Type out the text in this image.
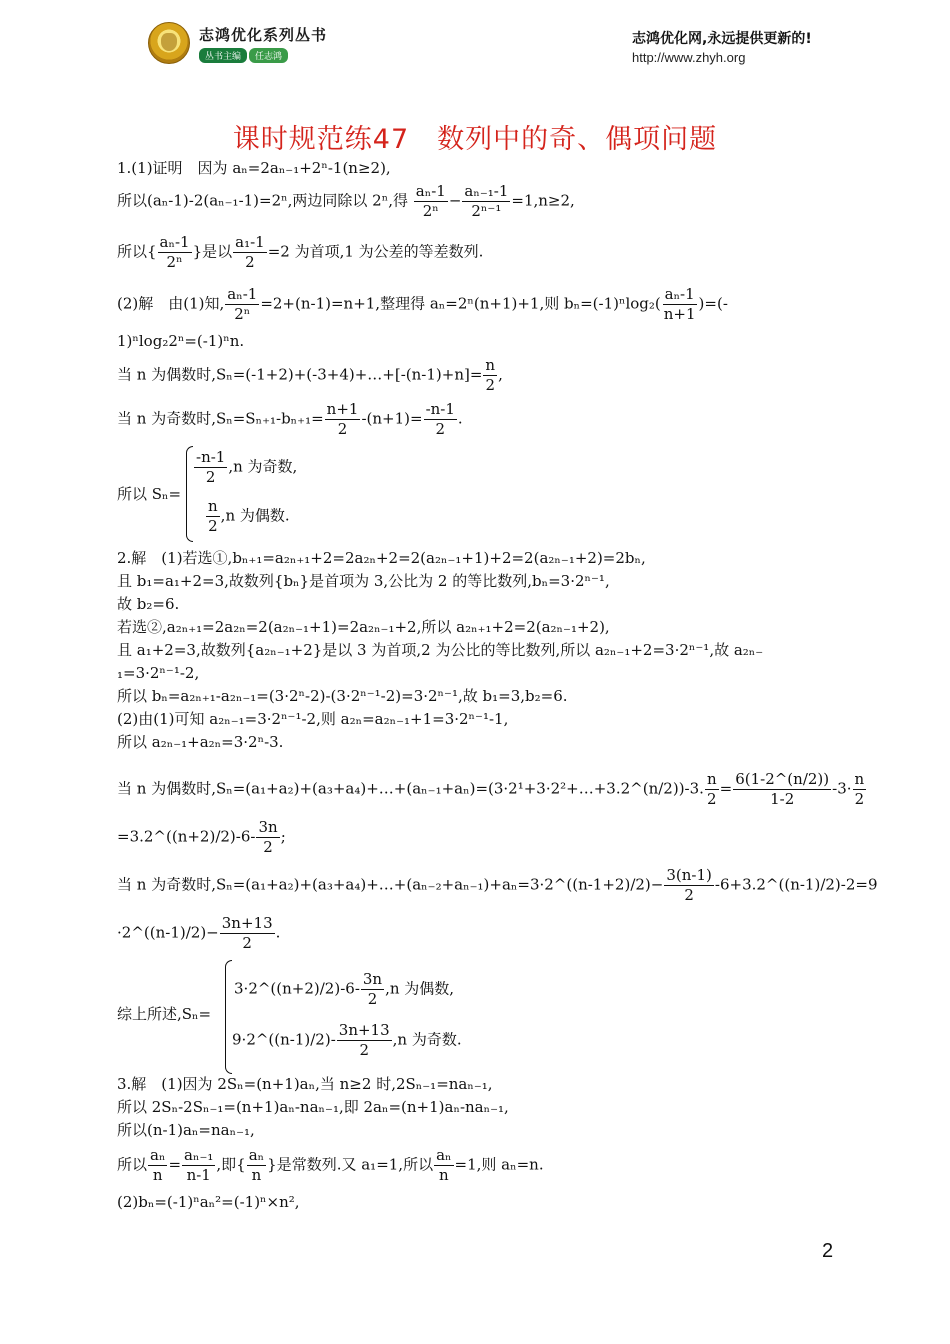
志鸿优化系列丛书
丛书主编	任志鸿
志鸿优化网,永远提供更新的!
http://www.zhyh.org
课时规范练47　数列中的奇、偶项问题
1.(1)证明　因为 aₙ=2aₙ₋₁+2ⁿ-1(n≥2),
所以(aₙ-1)-2(aₙ₋₁-1)=2ⁿ,两边同除以 2ⁿ,得 $\frac{\text{aₙ-1}}{\text{2ⁿ}} - \frac{\text{aₙ₋₁-1}}{\text{2ⁿ⁻¹}} =1,n\ge 2$,
所以{ $\frac{\text{aₙ-1}}{\text{2ⁿ}}$ }是以 $\frac{\text{a₁-1}}{2} =2$ 为首项,1 为公差的等差数列.
(2)解　由(1)知, $\frac{\text{aₙ-1}}{\text{2ⁿ}} =2+(n-1)=n+1$,整理得 aₙ=2ⁿ(n+1)+1,则 $b_n=(-1)^n\log_2( \frac{\text{aₙ-1}}{n+1}$ )=(-
1)ⁿlog₂2ⁿ=(-1)ⁿn.
当 n 为偶数时,Sₙ=(-1+2)+(-3+4)+…+[-(n-1)+n]= $\frac{n}{2}$ ,
当 n 为奇数时$,S_n=S_{n+1}-b_{n+1}= \frac{n+1}{2} -(n+1)= \frac{-n-1}{2}$ .
所以 Sₙ=
$\frac{-n-1}{2} ,n$ 为奇数,
$\frac{n}{2} ,n$ 为偶数.
2.解　(1)若选①,bₙ₊₁=a₂ₙ₊₁+2=2a₂ₙ+2=2(a₂ₙ₋₁+1)+2=2(a₂ₙ₋₁+2)=2bₙ,
且 b₁=a₁+2=3,故数列{bₙ}是首项为 3,公比为 2 的等比数列,bₙ=3·2ⁿ⁻¹,
故 b₂=6.
若选②,a₂ₙ₊₁=2a₂ₙ=2(a₂ₙ₋₁+1)=2a₂ₙ₋₁+2,所以 a₂ₙ₊₁+2=2(a₂ₙ₋₁+2),
且 a₁+2=3,故数列{a₂ₙ₋₁+2}是以 3 为首项,2 为公比的等比数列,所以 a₂ₙ₋₁+2=3·2ⁿ⁻¹,故 a₂ₙ₋
₁=3·2ⁿ⁻¹-2,
所以 bₙ=a₂ₙ₊₁-a₂ₙ₋₁=(3·2ⁿ-2)-(3·2ⁿ⁻¹-2)=3·2ⁿ⁻¹,故 b₁=3,b₂=6.
(2)由(1)可知 a₂ₙ₋₁=3·2ⁿ⁻¹-2,则 a₂ₙ=a₂ₙ₋₁+1=3·2ⁿ⁻¹-1,
所以 a₂ₙ₋₁+a₂ₙ=3·2ⁿ-3.
当 n 为偶数时,Sₙ=(a₁+a₂)+(a₃+a₄)+…+(aₙ₋₁+aₙ)=(3·2¹+3·2²+…+3.2^(n/2))-3. $\frac{n}{2} = \frac{6(1-2\^{}(n/2))}{1-2} -3\cdot \frac{n}{2}$
=3.2^((n+2)/2)-6- $\frac{3n}{2}$ ;
当 n 为奇数时,Sₙ=(a₁+a₂)+(a₃+a₄)+…+(aₙ₋₂+aₙ₋₁)+aₙ=3·2^((n-1+2)/2)− $\frac{3(n-1)}{2}$ -6+3.2^((n-1)/2)-2=9
·2^((n-1)/2)− $\frac{3n+13}{2}$ .
综上所述,Sₙ=
3·2^((n+2)/2)-6- $\frac{3n}{2} ,n$ 为偶数,
9·2^((n-1)/2)- $\frac{3n+13}{2} ,n$ 为奇数.
3.解　(1)因为 2Sₙ=(n+1)aₙ,当 n≥2 时,2Sₙ₋₁=naₙ₋₁,
所以 2Sₙ-2Sₙ₋₁=(n+1)aₙ-naₙ₋₁,即 2aₙ=(n+1)aₙ-naₙ₋₁,
所以(n-1)aₙ=naₙ₋₁,
所以 $\frac{\text{aₙ}}{n} = \frac{\text{aₙ₋₁}}{n-1}$ ,即{ $\frac{\text{aₙ}}{n}$ }是常数列.又 a₁=1,所以 $\frac{\text{aₙ}}{n} =1$,则 aₙ=n.
(2)bₙ=(-1)ⁿaₙ²=(-1)ⁿ×n²,
2
